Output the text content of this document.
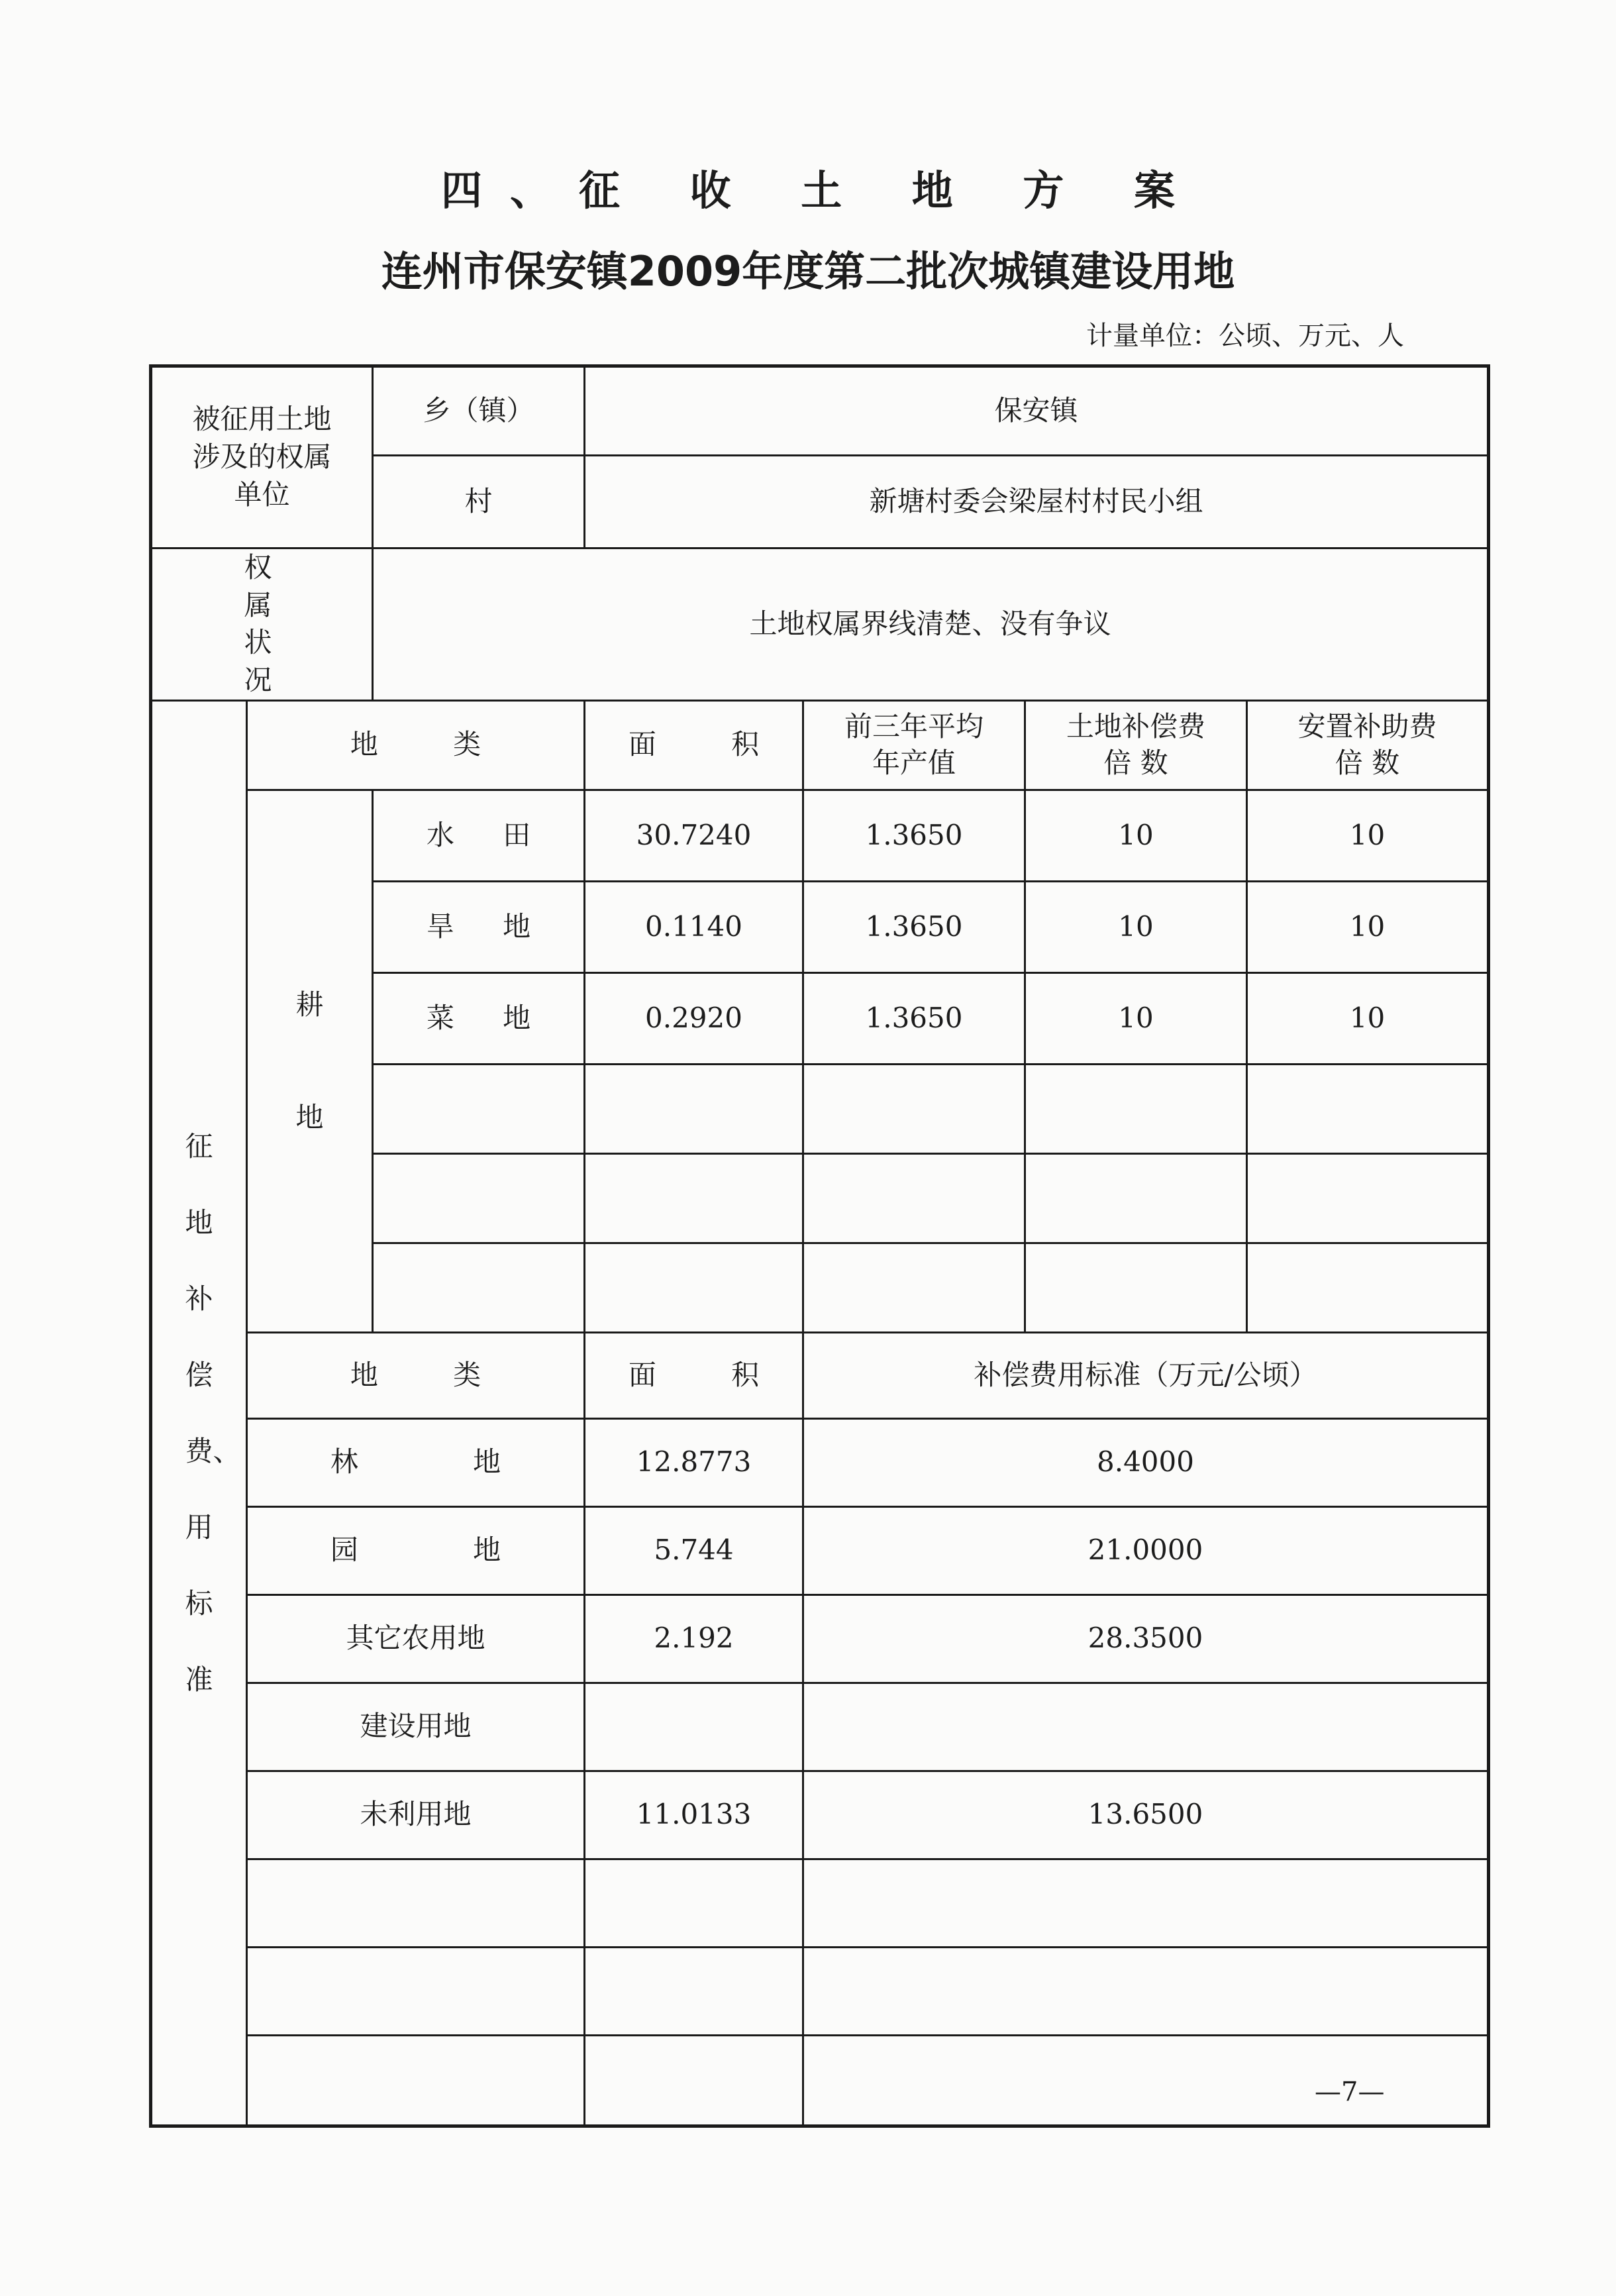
四、征 收 土 地 方 案
连州市保安镇2009年度第二批次城镇建设用地
计量单位：公顷、万元、人
被征用土地涉及的权属单位		乡（镇）	保安镇			
		村	新塘村委会梁屋村村民小组			

权属状况		土地权属界线清楚、没有争议				

征地补偿费、用标准	地 类		面 积	前三年平均年产值	土地补偿费倍 数	安置补助费倍 数

	耕地	水 田	30.7240	1.3650	10	10
		旱 地	0.1140	1.3650	10	10
		菜 地	0.2920	1.3650	10	10

	地 类		面 积	补偿费用标准（万元/公顷）		
	林 地		12.8773	8.4000		
	园 地		5.744	21.0000		
	其它农用地		2.192	28.3500		
	建设用地					
	未利用地		11.0133	13.6500		

—7—
